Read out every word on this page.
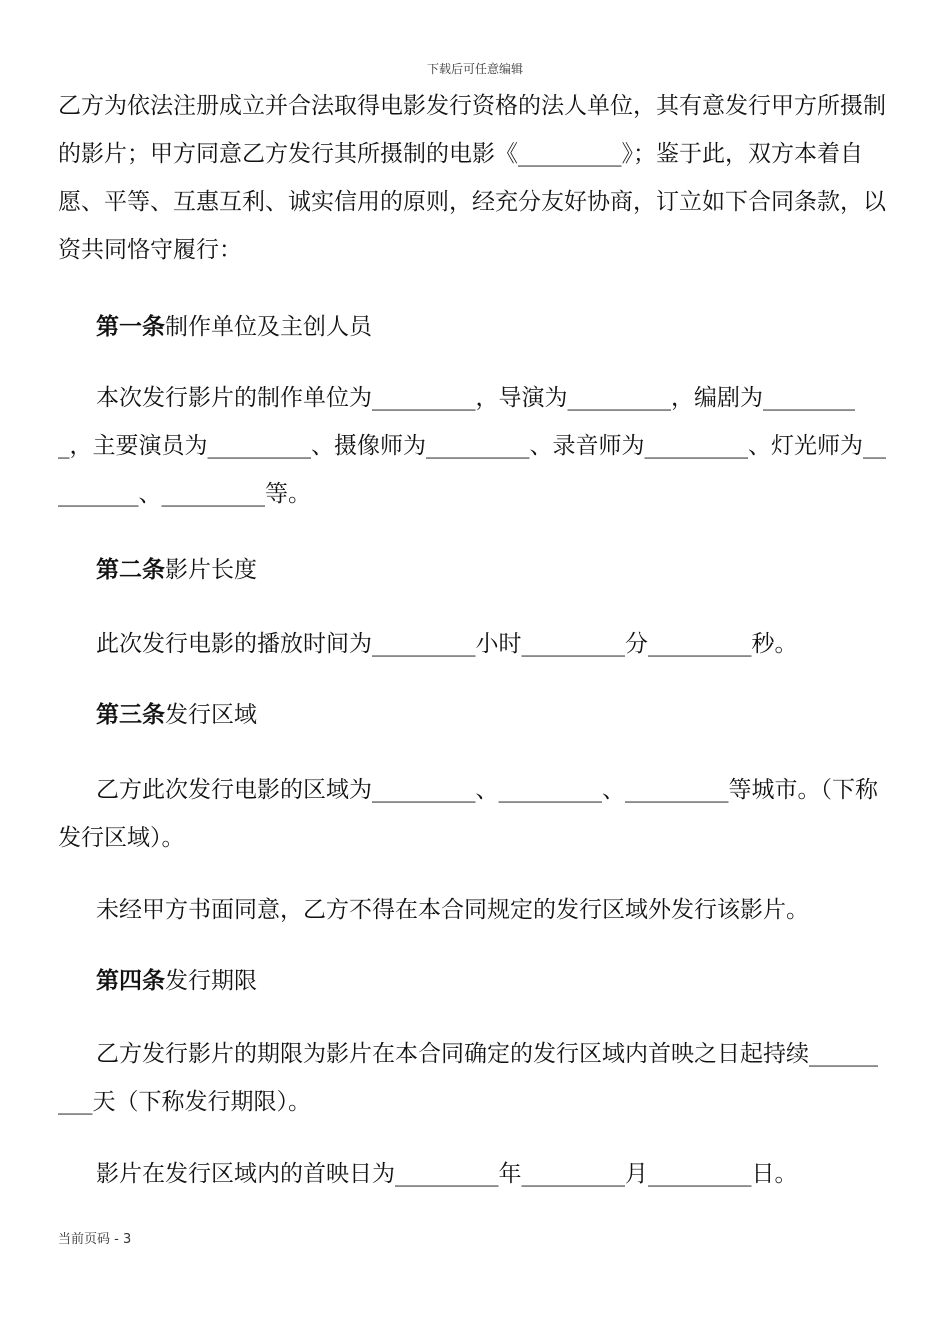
下载后可任意编辑
乙方为依法注册成立并合法取得电影发行资格的法人单位，其有意发行甲方所摄制的影片；甲方同意乙方发行其所摄制的电影《_________》；鉴于此，双方本着自愿、平等、互惠互利、诚实信用的原则，经充分友好协商，订立如下合同条款，以资共同恪守履行：
第一条制作单位及主创人员
本次发行影片的制作单位为_________，导演为_________，编剧为_________，主要演员为_________、摄像师为_________、录音师为_________、灯光师为_________、_________等。
第二条影片长度
此次发行电影的播放时间为_________小时_________分_________秒。
第三条发行区域
乙方此次发行电影的区域为_________、_________、_________等城市。（下称发行区域）。
未经甲方书面同意，乙方不得在本合同规定的发行区域外发行该影片。
第四条发行期限
乙方发行影片的期限为影片在本合同确定的发行区域内首映之日起持续_________天（下称发行期限）。
影片在发行区域内的首映日为_________年_________月_________日。
当前页码 - 3
